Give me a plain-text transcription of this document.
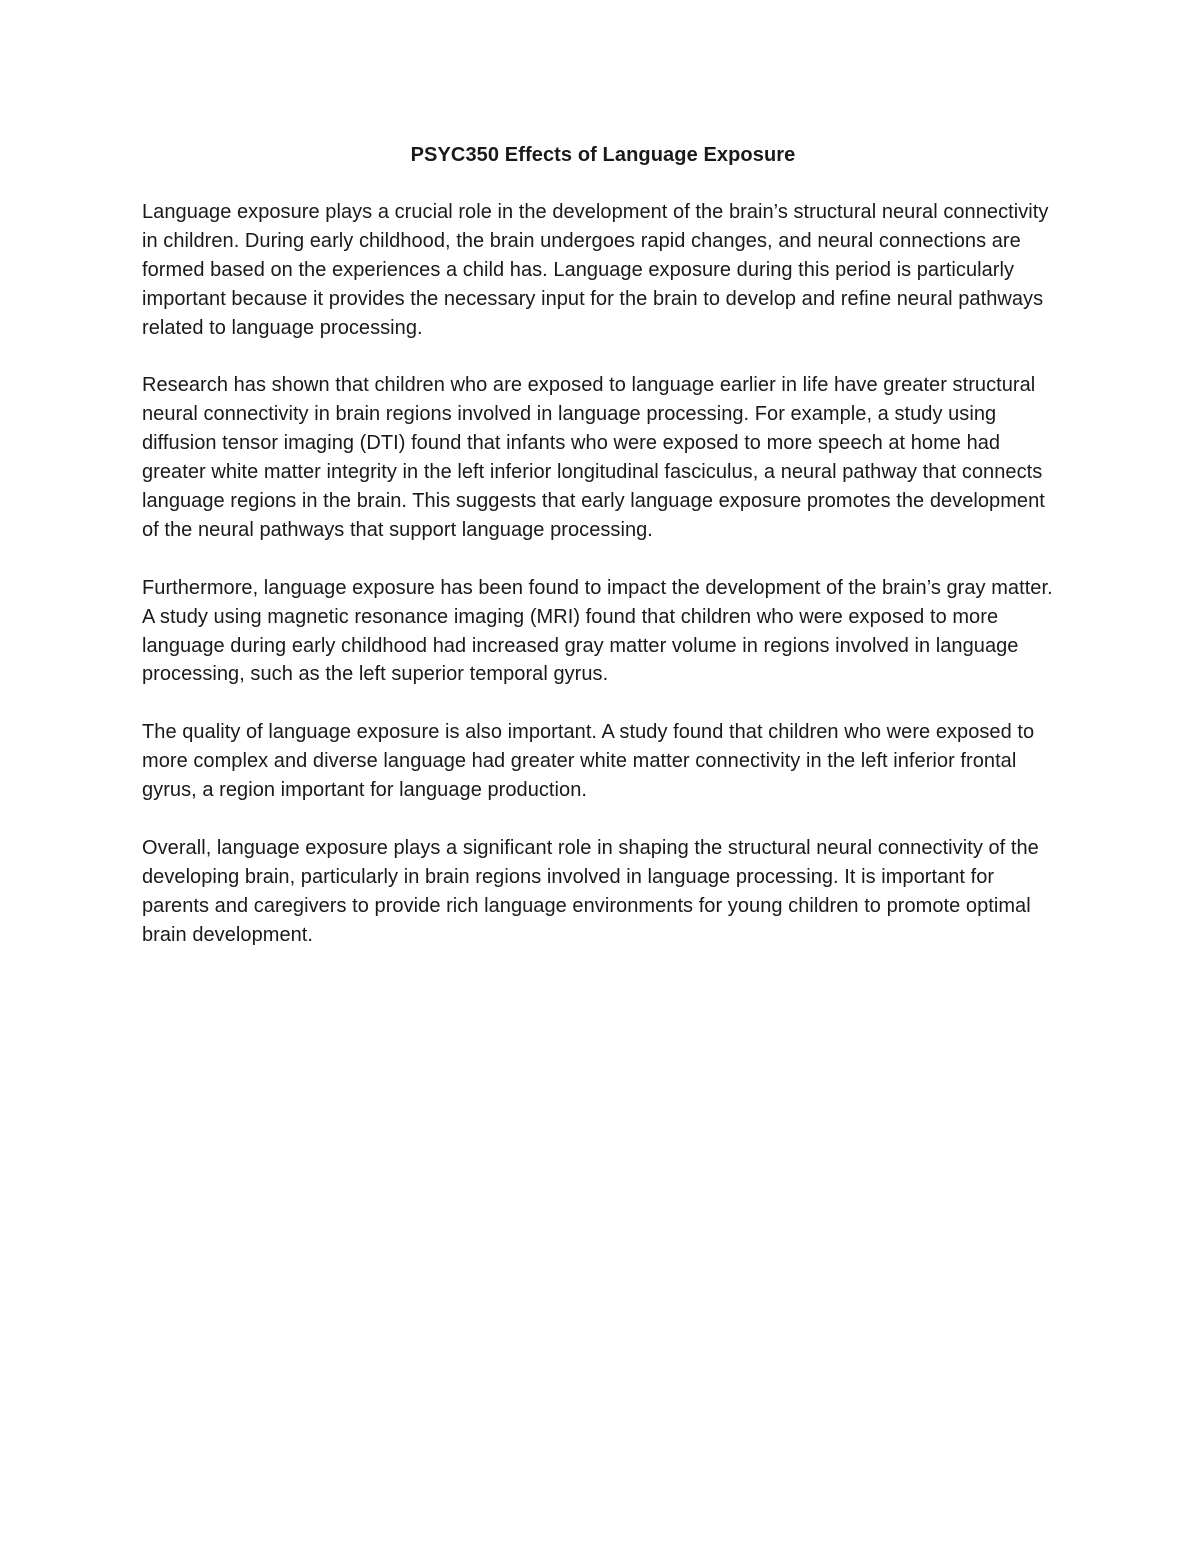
PSYC350 Effects of Language Exposure

Language exposure plays a crucial role in the development of the brain’s structural neural connectivity in children. During early childhood, the brain undergoes rapid changes, and neural connections are formed based on the experiences a child has. Language exposure during this period is particularly important because it provides the necessary input for the brain to develop and refine neural pathways related to language processing.

Research has shown that children who are exposed to language earlier in life have greater structural neural connectivity in brain regions involved in language processing. For example, a study using diffusion tensor imaging (DTI) found that infants who were exposed to more speech at home had greater white matter integrity in the left inferior longitudinal fasciculus, a neural pathway that connects language regions in the brain. This suggests that early language exposure promotes the development of the neural pathways that support language processing.

Furthermore, language exposure has been found to impact the development of the brain’s gray matter. A study using magnetic resonance imaging (MRI) found that children who were exposed to more language during early childhood had increased gray matter volume in regions involved in language processing, such as the left superior temporal gyrus.

The quality of language exposure is also important. A study found that children who were exposed to more complex and diverse language had greater white matter connectivity in the left inferior frontal gyrus, a region important for language production.

Overall, language exposure plays a significant role in shaping the structural neural connectivity of the developing brain, particularly in brain regions involved in language processing. It is important for parents and caregivers to provide rich language environments for young children to promote optimal brain development.
